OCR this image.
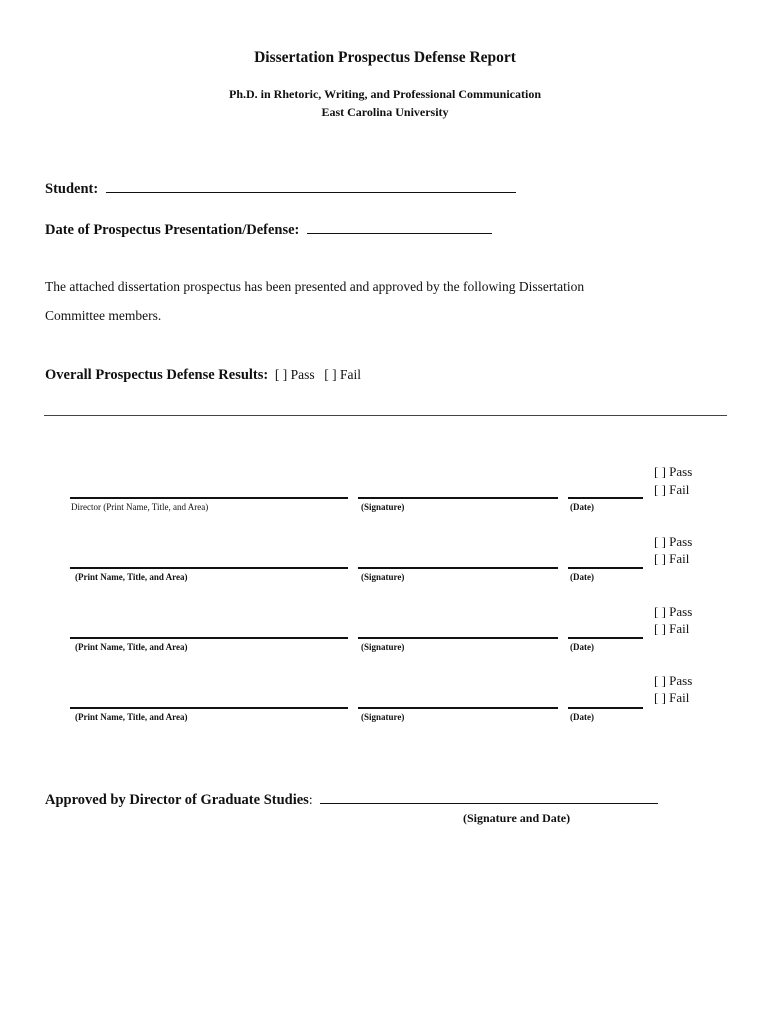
Dissertation Prospectus Defense Report
Ph.D. in Rhetoric, Writing, and Professional Communication
East Carolina University
Student:
Date of Prospectus Presentation/Defense:
The attached dissertation prospectus has been presented and approved by the following Dissertation
Committee members.
Overall Prospectus Defense Results: [ ] Pass [ ] Fail
[ ] Pass
[ ] Fail
Director (Print Name, Title, and Area)	(Signature)	(Date)
[ ] Pass
[ ] Fail
(Print Name, Title, and Area)	(Signature)	(Date)
[ ] Pass
[ ] Fail
(Print Name, Title, and Area)	(Signature)	(Date)
[ ] Pass
[ ] Fail
(Print Name, Title, and Area)	(Signature)	(Date)
Approved by Director of Graduate Studies:
(Signature and Date)
